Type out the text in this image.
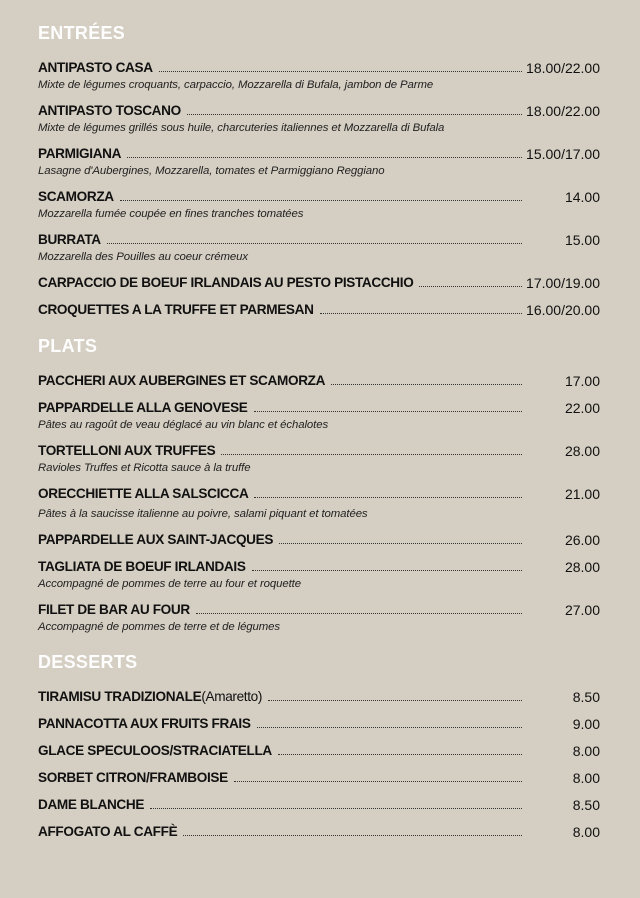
ENTRÉES
ANTIPASTO CASA	18.00/22.00
Mixte de légumes croquants, carpaccio, Mozzarella di Bufala, jambon de Parme
ANTIPASTO TOSCANO	18.00/22.00
Mixte de légumes grillés sous huile, charcuteries italiennes et Mozzarella di Bufala
PARMIGIANA	15.00/17.00
Lasagne d'Aubergines, Mozzarella, tomates et Parmiggiano Reggiano
SCAMORZA	14.00
Mozzarella fumée coupée en fines tranches tomatées
BURRATA	15.00
Mozzarella des Pouilles au coeur crémeux
CARPACCIO DE BOEUF IRLANDAIS AU PESTO PISTACCHIO	17.00/19.00
CROQUETTES A LA TRUFFE ET PARMESAN	16.00/20.00
PLATS
PACCHERI AUX AUBERGINES ET SCAMORZA	17.00
PAPPARDELLE ALLA GENOVESE	22.00
Pâtes au ragoût de veau déglacé au vin blanc et échalotes
TORTELLONI AUX TRUFFES	28.00
Ravioles Truffes et Ricotta sauce à la truffe
ORECCHIETTE ALLA SALSCICCA	21.00
Pâtes à la saucisse italienne au poivre, salami piquant et tomatées
PAPPARDELLE AUX SAINT-JACQUES	26.00
TAGLIATA DE BOEUF IRLANDAIS	28.00
Accompagné de pommes de terre au four et roquette
FILET DE BAR AU FOUR	27.00
Accompagné de pommes de terre et de légumes
DESSERTS
TIRAMISU TRADIZIONALE(Amaretto)	8.50
PANNACOTTA AUX FRUITS FRAIS	9.00
GLACE SPECULOOS/STRACIATELLA	8.00
SORBET CITRON/FRAMBOISE	8.00
DAME BLANCHE	8.50
AFFOGATO AL CAFFÈ	8.00
